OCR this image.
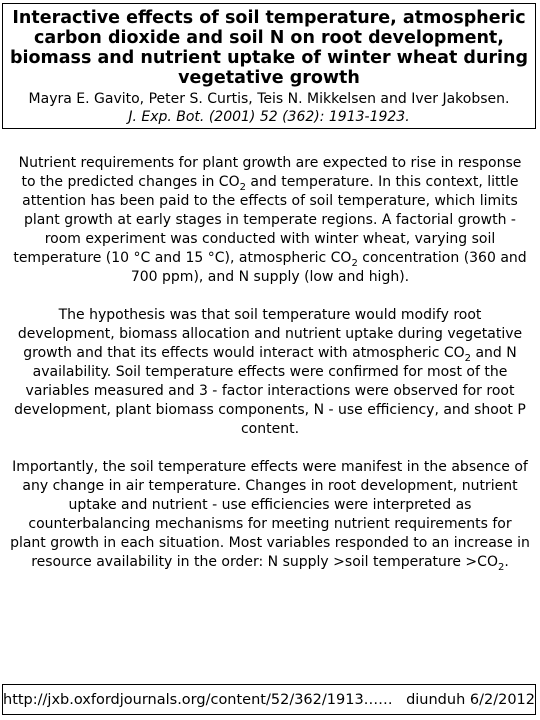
Interactive effects of soil temperature, atmospheric carbon dioxide and soil N on root development, biomass and nutrient uptake of winter wheat during vegetative growth
Mayra E. Gavito, Peter S. Curtis, Teis N. Mikkelsen and Iver Jakobsen.
J. Exp. Bot. (2001) 52 (362): 1913-1923.

Nutrient requirements for plant growth are expected to rise in response to the predicted changes in $CO_2$ and temperature. In this context, little attention has been paid to the effects of soil temperature, which limits plant growth at early stages in temperate regions. A factorial growth - room experiment was conducted with winter wheat, varying soil temperature (10 °C and 15 °C), atmospheric $CO_2$ concentration (360 and 700 ppm), and N supply (low and high).

The hypothesis was that soil temperature would modify root development, biomass allocation and nutrient uptake during vegetative growth and that its effects would interact with atmospheric $CO_2$ and N availability. Soil temperature effects were confirmed for most of the variables measured and 3 - factor interactions were observed for root development, plant biomass components, N - use efficiency, and shoot P content.

Importantly, the soil temperature effects were manifest in the absence of any change in air temperature. Changes in root development, nutrient uptake and nutrient - use efficiencies were interpreted as counterbalancing mechanisms for meeting nutrient requirements for plant growth in each situation. Most variables responded to an increase in resource availability in the order: N supply >soil temperature $>CO_2$.

http://jxb.oxfordjournals.org/content/52/362/1913…… diunduh 6/2/2012
